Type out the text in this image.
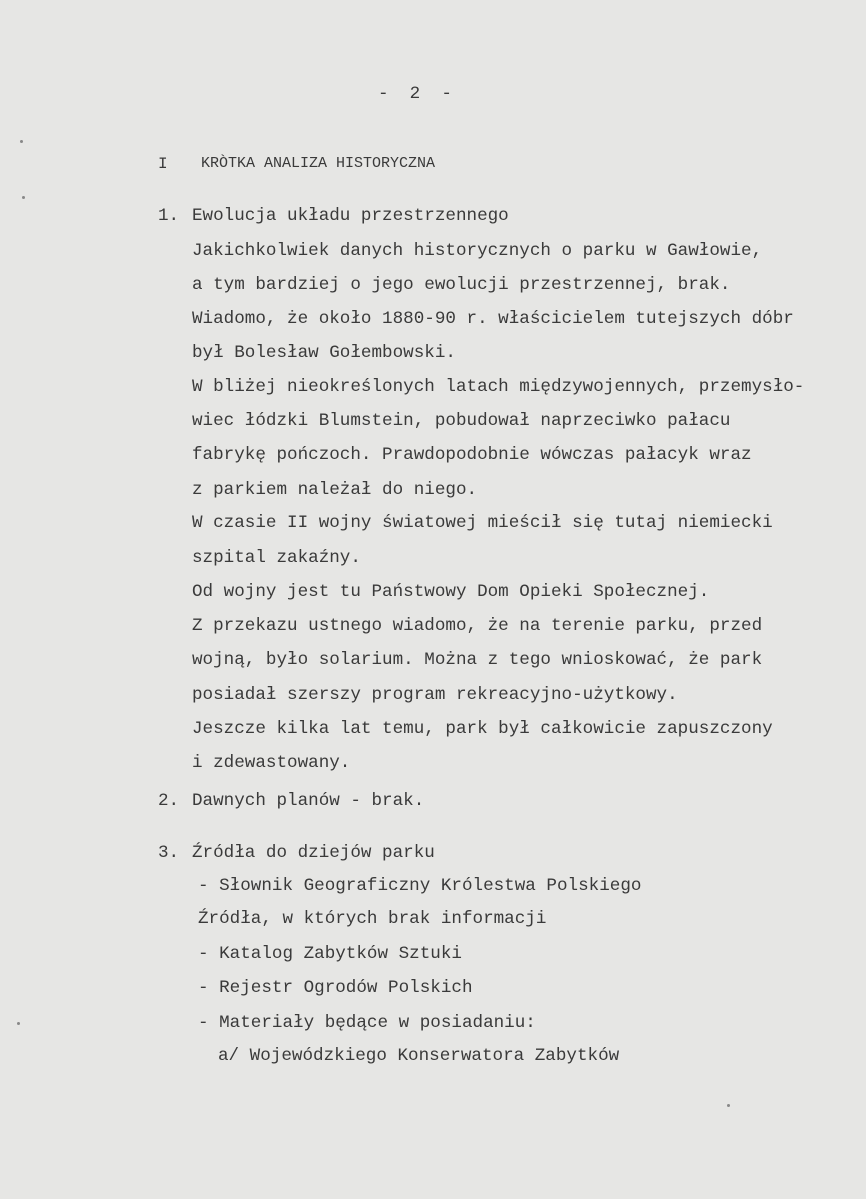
-  2  -
I KRÒTKA ANALIZA HISTORYCZNA
1. Ewolucja układu przestrzennego
Jakichkolwiek danych historycznych o parku w Gawłowie,
a tym bardziej o jego ewolucji przestrzennej, brak.
Wiadomo, że około 1880-90 r. właścicielem tutejszych dóbr
był Bolesław Gołembowski.
W bliżej nieokreślonych latach międzywojennych, przemysło-
wiec łódzki Blumstein, pobudował naprzeciwko pałacu
fabrykę pończoch. Prawdopodobnie wówczas pałacyk wraz
z parkiem należał do niego.
W czasie II wojny światowej mieścił się tutaj niemiecki
szpital zakaźny.
Od wojny jest tu Państwowy Dom Opieki Społecznej.
Z przekazu ustnego wiadomo, że na terenie parku, przed
wojną, było solarium. Można z tego wnioskować, że park
posiadał szerszy program rekreacyjno-użytkowy.
Jeszcze kilka lat temu, park był całkowicie zapuszczony
i zdewastowany.
2. Dawnych planów - brak.
3. Źródła do dziejów parku
- Słownik Geograficzny Królestwa Polskiego
Źródła, w których brak informacji
- Katalog Zabytków Sztuki
- Rejestr Ogrodów Polskich
- Materiały będące w posiadaniu:
a/ Wojewódzkiego Konserwatora Zabytków
